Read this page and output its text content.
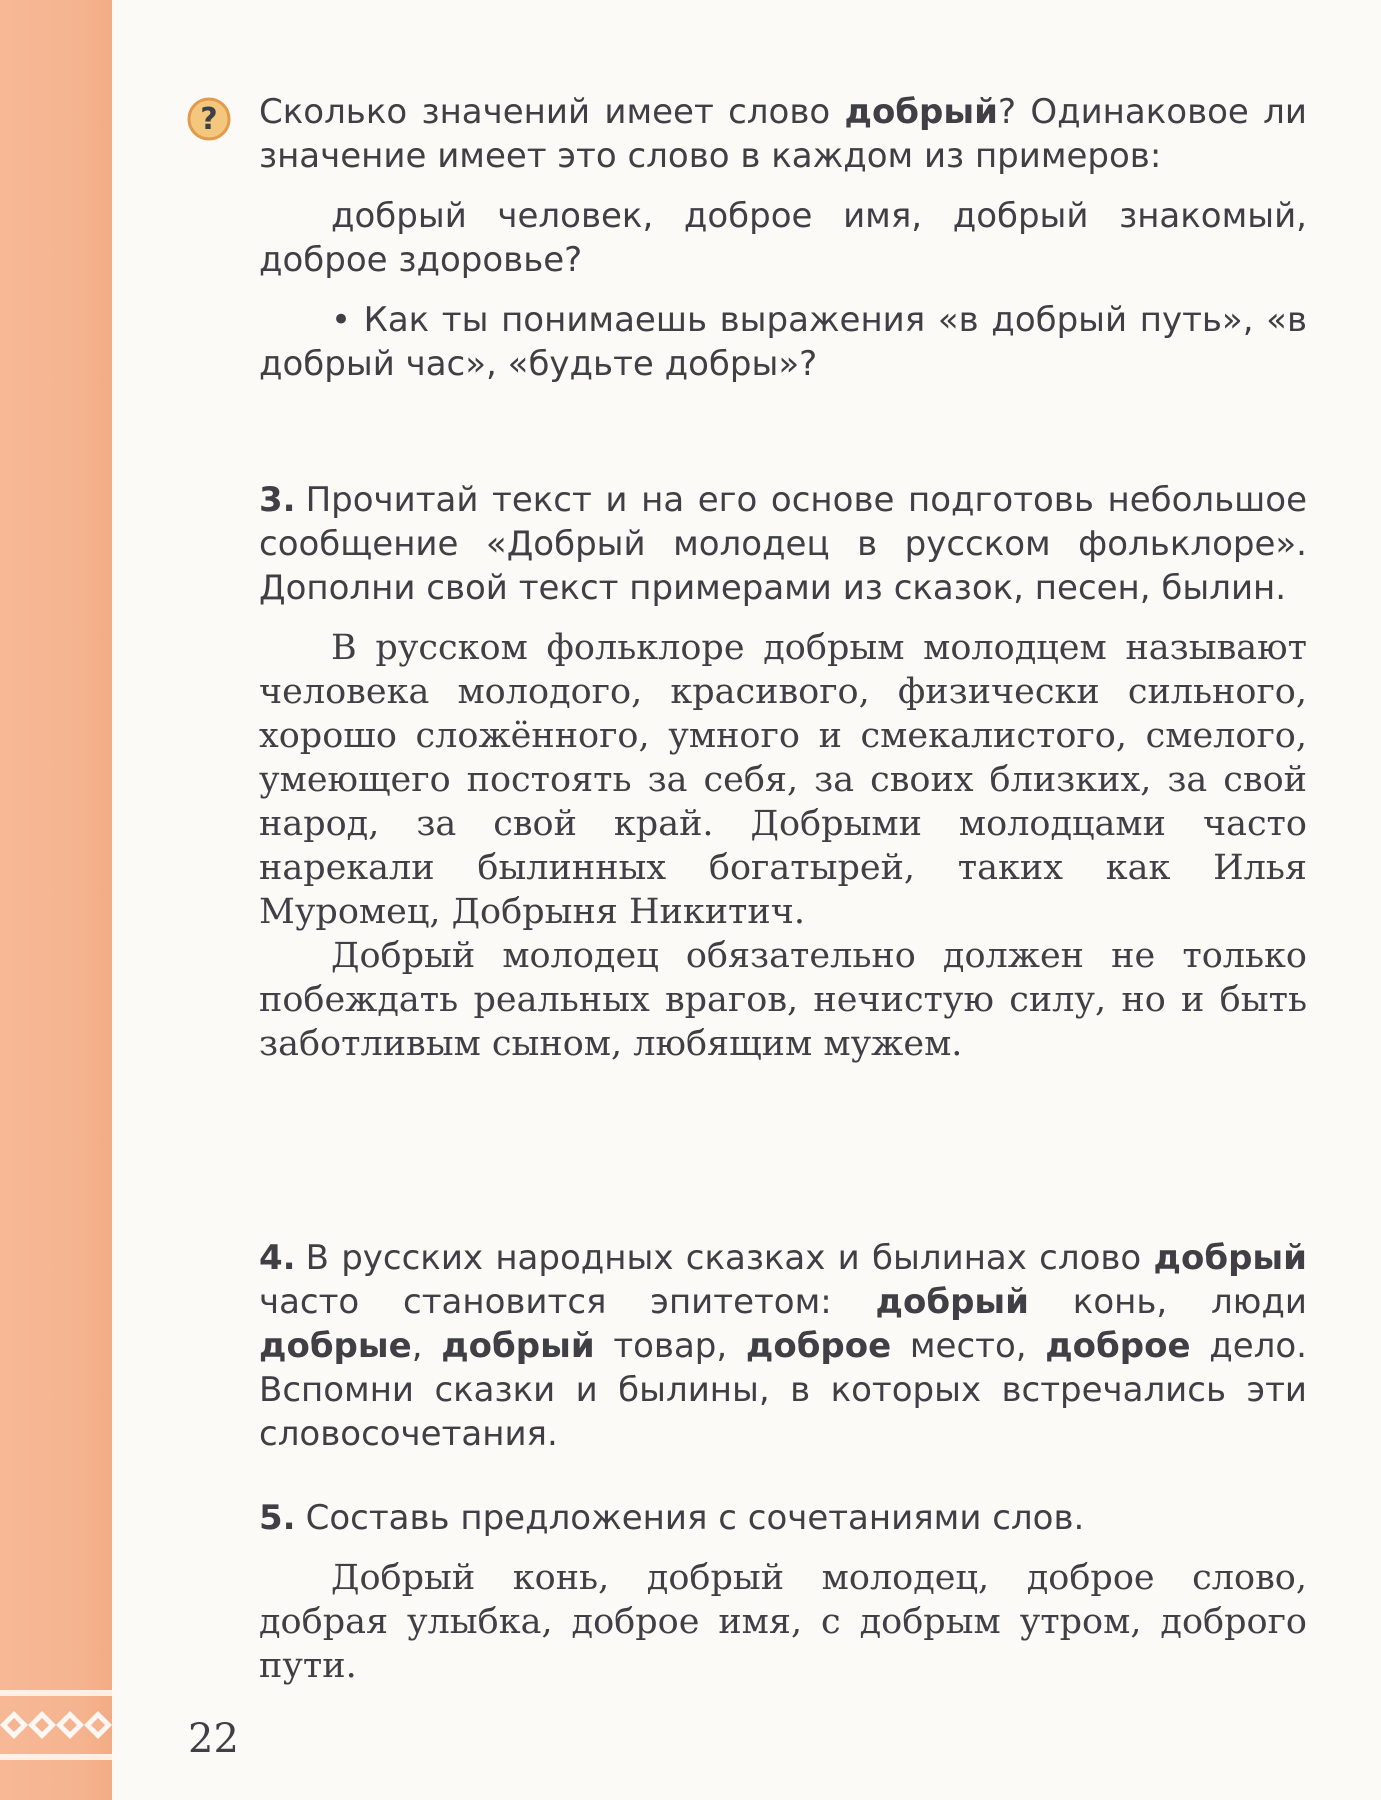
? Сколько значений имеет слово добрый? Одинаковое ли значение имеет это слово в каждом из примеров:

добрый человек, доброе имя, добрый знакомый, доброе здоровье?

• Как ты понимаешь выражения «в добрый путь», «в добрый час», «будьте добры»?

3. Прочитай текст и на его основе подготовь небольшое сообщение «Добрый молодец в русском фольклоре». Дополни свой текст примерами из сказок, песен, былин.

В русском фольклоре добрым молодцем называют человека молодого, красивого, физически сильного, хорошо сложённого, умного и смекалистого, смелого, умеющего постоять за себя, за своих близких, за свой народ, за свой край. Добрыми молодцами часто нарекали былинных богатырей, таких как Илья Муромец, Добрыня Никитич.

Добрый молодец обязательно должен не только побеждать реальных врагов, нечистую силу, но и быть заботливым сыном, любящим мужем.

4. В русских народных сказках и былинах слово добрый часто становится эпитетом: добрый конь, люди добрые, добрый товар, доброе место, доброе дело. Вспомни сказки и былины, в которых встречались эти словосочетания.

5. Составь предложения с сочетаниями слов.

Добрый конь, добрый молодец, доброе слово, добрая улыбка, доброе имя, с добрым утром, доброго пути.

22
